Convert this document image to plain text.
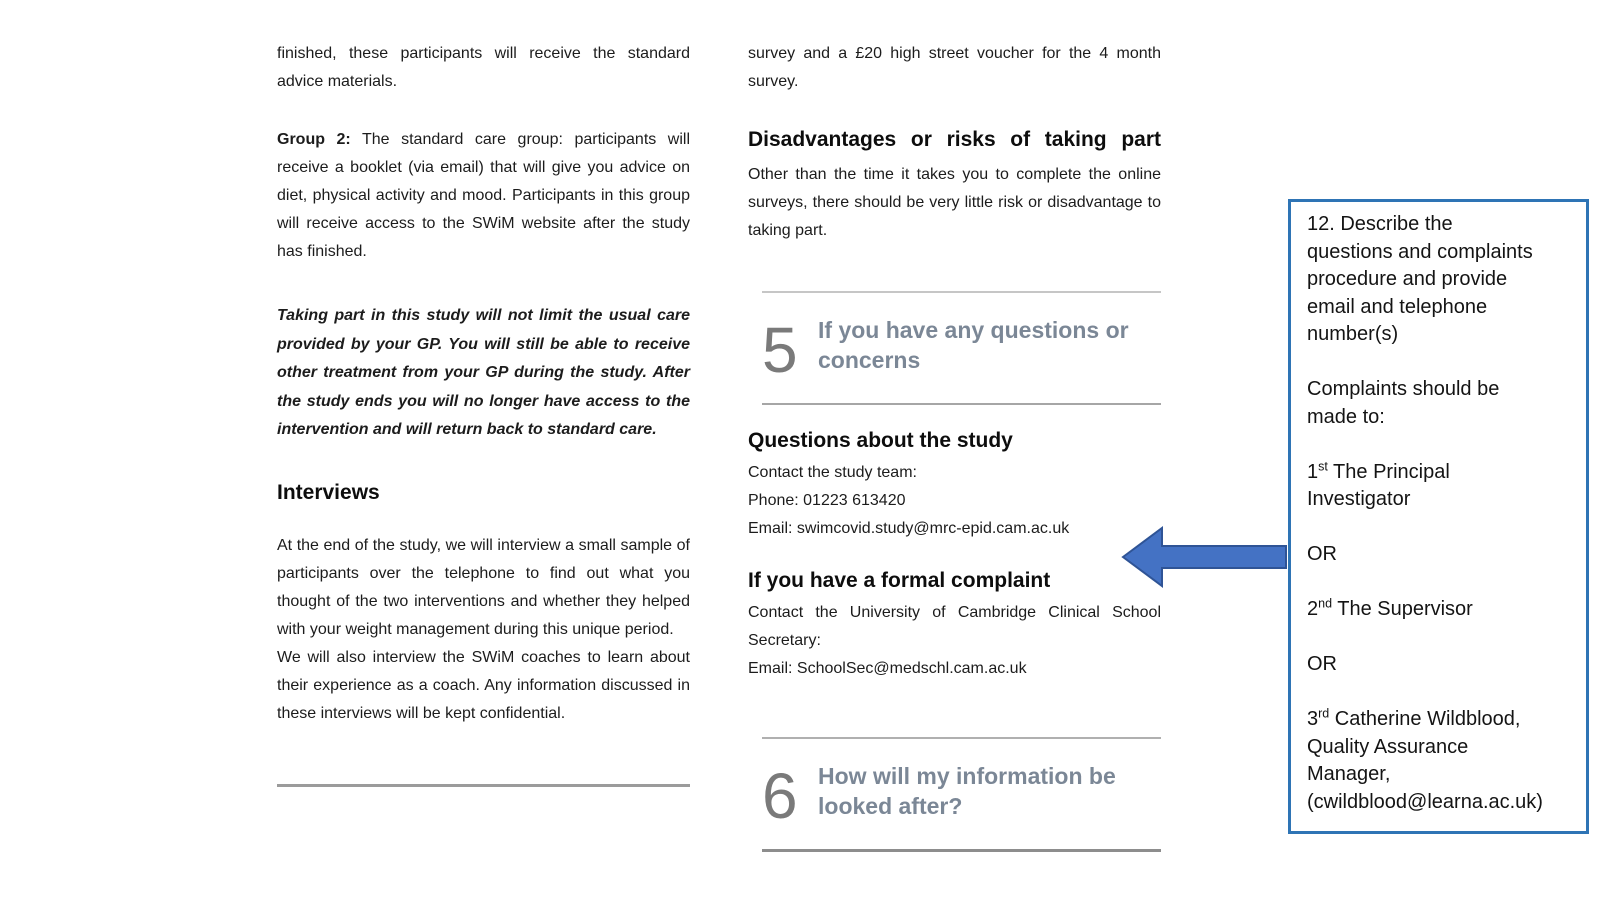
finished, these participants will receive the standard advice materials.

Group 2: The standard care group: participants will receive a booklet (via email) that will give you advice on diet, physical activity and mood. Participants in this group will receive access to the SWiM website after the study has finished.

Taking part in this study will not limit the usual care provided by your GP. You will still be able to receive other treatment from your GP during the study. After the study ends you will no longer have access to the intervention and will return back to standard care.

Interviews

At the end of the study, we will interview a small sample of participants over the telephone to find out what you thought of the two interventions and whether they helped with your weight management during this unique period.

We will also interview the SWiM coaches to learn about their experience as a coach. Any information discussed in these interviews will be kept confidential.

survey and a £20 high street voucher for the 4 month survey.

Disadvantages or risks of taking part

Other than the time it takes you to complete the online surveys, there should be very little risk or disadvantage to taking part.

5 If you have any questions or concerns
Questions about the study

Contact the study team:

Phone: 01223 613420

Email: swimcovid.study@mrc-epid.cam.ac.uk

If you have a formal complaint

Contact the University of Cambridge Clinical School Secretary:

Email: SchoolSec@medschl.cam.ac.uk

6 How will my information be looked after?
12. Describe the
questions and complaints
procedure and provide
email and telephone
number(s)
Complaints should be
made to:
1st The Principal
Investigator
OR
2nd The Supervisor
OR
3rd Catherine Wildblood,
Quality Assurance
Manager,
(cwildblood@learna.ac.uk)
